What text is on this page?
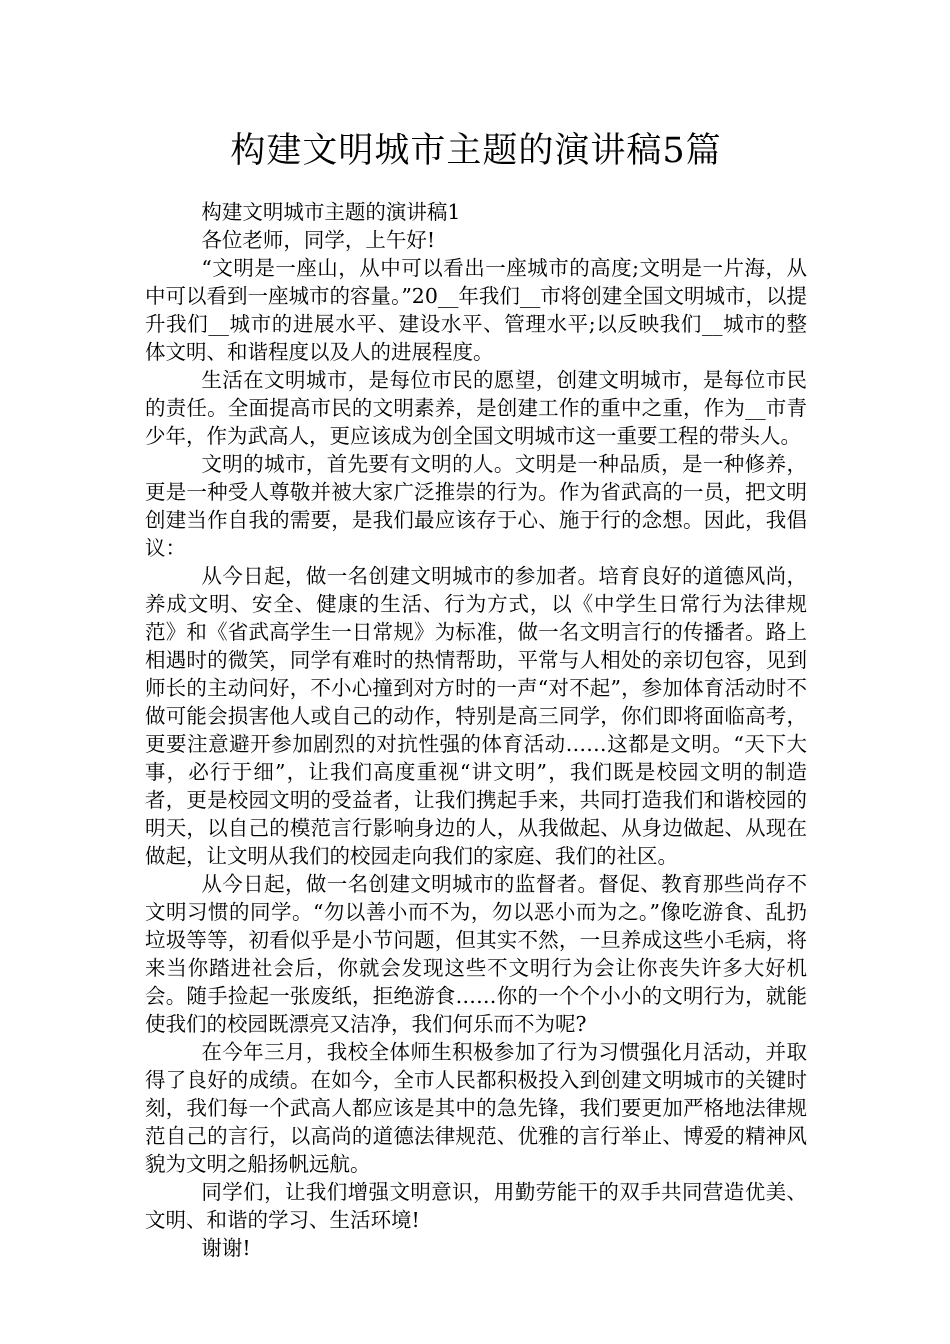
构建文明城市主题的演讲稿5篇

构建文明城市主题的演讲稿1

各位老师，同学，上午好!

“文明是一座山，从中可以看出一座城市的高度;文明是一片海，从中可以看到一座城市的容量。”20__年我们__市将创建全国文明城市，以提升我们__城市的进展水平、建设水平、管理水平;以反映我们__城市的整体文明、和谐程度以及人的进展程度。

生活在文明城市，是每位市民的愿望，创建文明城市，是每位市民的责任。全面提高市民的文明素养，是创建工作的重中之重，作为__市青少年，作为武高人，更应该成为创全国文明城市这一重要工程的带头人。

文明的城市，首先要有文明的人。文明是一种品质，是一种修养，更是一种受人尊敬并被大家广泛推崇的行为。作为省武高的一员，把文明创建当作自我的需要，是我们最应该存于心、施于行的念想。因此，我倡议：

从今日起，做一名创建文明城市的参加者。培育良好的道德风尚，养成文明、安全、健康的生活、行为方式，以《中学生日常行为法律规范》和《省武高学生一日常规》为标准，做一名文明言行的传播者。路上相遇时的微笑，同学有难时的热情帮助，平常与人相处的亲切包容，见到师长的主动问好，不小心撞到对方时的一声“对不起”，参加体育活动时不做可能会损害他人或自己的动作，特别是高三同学，你们即将面临高考，更要注意避开参加剧烈的对抗性强的体育活动……这都是文明。“天下大事，必行于细”，让我们高度重视“讲文明”，我们既是校园文明的制造者，更是校园文明的受益者，让我们携起手来，共同打造我们和谐校园的明天，以自己的模范言行影响身边的人，从我做起、从身边做起、从现在做起，让文明从我们的校园走向我们的家庭、我们的社区。

从今日起，做一名创建文明城市的监督者。督促、教育那些尚存不文明习惯的同学。“勿以善小而不为，勿以恶小而为之。”像吃游食、乱扔垃圾等等，初看似乎是小节问题，但其实不然，一旦养成这些小毛病，将来当你踏进社会后，你就会发现这些不文明行为会让你丧失许多大好机会。随手捡起一张废纸，拒绝游食……你的一个个小小的文明行为，就能使我们的校园既漂亮又洁净，我们何乐而不为呢?

在今年三月，我校全体师生积极参加了行为习惯强化月活动，并取得了良好的成绩。在如今，全市人民都积极投入到创建文明城市的关键时刻，我们每一个武高人都应该是其中的急先锋，我们要更加严格地法律规范自己的言行，以高尚的道德法律规范、优雅的言行举止、博爱的精神风貌为文明之船扬帆远航。

同学们，让我们增强文明意识，用勤劳能干的双手共同营造优美、文明、和谐的学习、生活环境!

谢谢!
